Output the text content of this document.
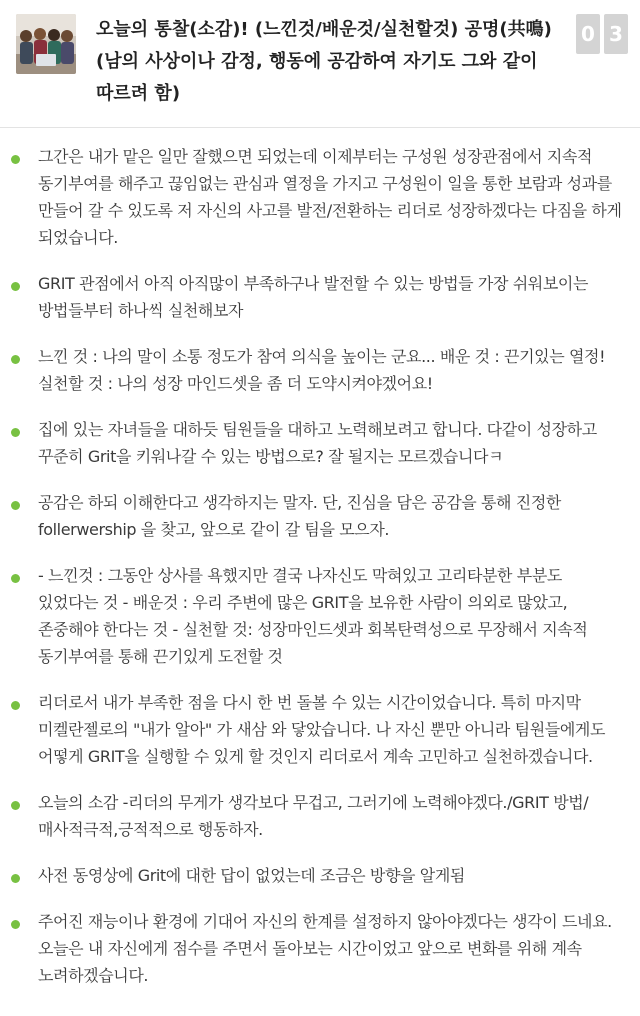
오늘의 통찰(소감)! (느낀것/배운것/실천할것) 공명(共鳴) (남의 사상이나 감정, 행동에 공감하여 자기도 그와 같이 따르려 함)
0 3
그간은 내가 맡은 일만 잘했으면 되었는데 이제부터는 구성원 성장관점에서 지속적 동기부여를 해주고 끊임없는 관심과 열정을 가지고 구성원이 일을 통한 보람과 성과를 만들어 갈 수 있도록 저 자신의 사고를 발전/전환하는 리더로 성장하겠다는 다짐을 하게 되었습니다.
GRIT 관점에서 아직 아직많이 부족하구나 발전할 수 있는 방법들 가장 쉬워보이는 방법들부터 하나씩 실천해보자
느낀 것 : 나의 말이 소통 정도가 참여 의식을 높이는 군요... 배운 것 : 끈기있는 열정! 실천할 것 : 나의 성장 마인드셋을 좀 더 도약시켜야겠어요!
집에 있는 자녀들을 대하듯 팀원들을 대하고 노력해보려고 합니다. 다같이 성장하고 꾸준히 Grit을 키워나갈 수 있는 방법으로? 잘 될지는 모르겠습니다ㅋ
공감은 하되 이해한다고 생각하지는 말자. 단, 진심을 담은 공감을 통해 진정한 follerwership 을 찾고, 앞으로 같이 갈 팀을 모으자.
- 느낀것 : 그동안 상사를 욕했지만 결국 나자신도 막혀있고 고리타분한 부분도 있었다는 것 - 배운것 : 우리 주변에 많은 GRIT을 보유한 사람이 의외로 많았고, 존중해야 한다는 것 - 실천할 것: 성장마인드셋과 회복탄력성으로 무장해서 지속적 동기부여를 통해 끈기있게 도전할 것
리더로서 내가 부족한 점을 다시 한 번 돌볼 수 있는 시간이었습니다. 특히 마지막 미켈란젤로의 "내가 알아" 가 새삼 와 닿았습니다. 나 자신 뿐만 아니라 팀원들에게도 어떻게 GRIT을 실행할 수 있게 할 것인지 리더로서 계속 고민하고 실천하겠습니다.
오늘의 소감 -리더의 무게가 생각보다 무겁고, 그러기에 노력해야겠다./GRIT 방법/매사적극적,긍적적으로 행동하자.
사전 동영상에 Grit에 대한 답이 없었는데 조금은 방향을 알게됨
주어진 재능이나 환경에 기대어 자신의 한계를 설정하지 않아야겠다는 생각이 드네요. 오늘은 내 자신에게 점수를 주면서 돌아보는 시간이었고 앞으로 변화를 위해 계속 노려하겠습니다.
